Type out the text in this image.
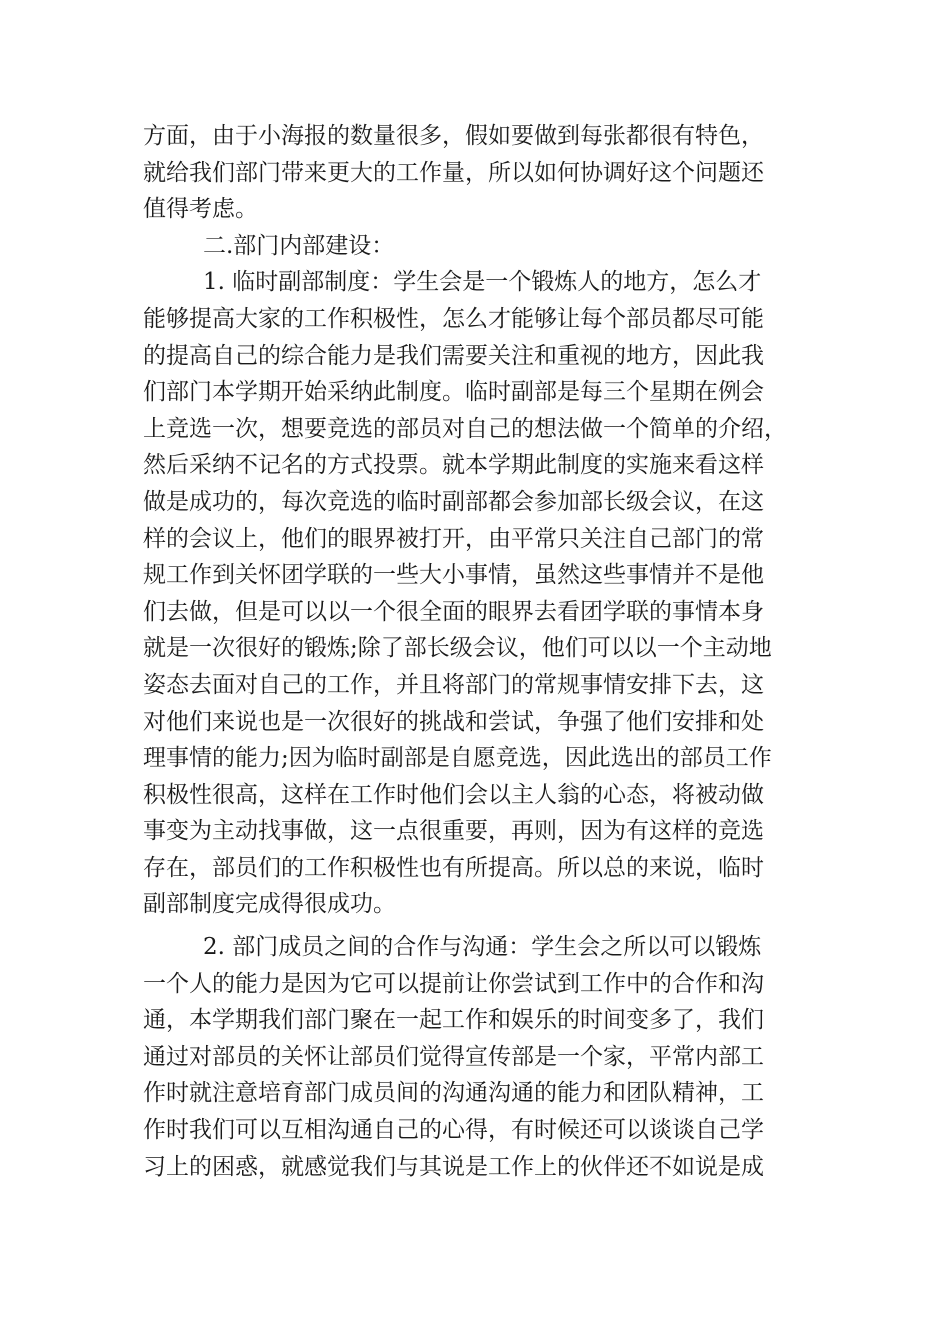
方面，由于小海报的数量很多，假如要做到每张都很有特色，
就给我们部门带来更大的工作量，所以如何协调好这个问题还
值得考虑。
二.部门内部建设：
1. 临时副部制度：学生会是一个锻炼人的地方，怎么才
能够提高大家的工作积极性，怎么才能够让每个部员都尽可能
的提高自己的综合能力是我们需要关注和重视的地方，因此我
们部门本学期开始采纳此制度。临时副部是每三个星期在例会
上竞选一次，想要竞选的部员对自己的想法做一个简单的介绍，
然后采纳不记名的方式投票。就本学期此制度的实施来看这样
做是成功的，每次竞选的临时副部都会参加部长级会议，在这
样的会议上，他们的眼界被打开，由平常只关注自己部门的常
规工作到关怀团学联的一些大小事情，虽然这些事情并不是他
们去做，但是可以以一个很全面的眼界去看团学联的事情本身
就是一次很好的锻炼;除了部长级会议，他们可以以一个主动地
姿态去面对自己的工作，并且将部门的常规事情安排下去，这
对他们来说也是一次很好的挑战和尝试，争强了他们安排和处
理事情的能力;因为临时副部是自愿竞选，因此选出的部员工作
积极性很高，这样在工作时他们会以主人翁的心态，将被动做
事变为主动找事做，这一点很重要，再则，因为有这样的竞选
存在，部员们的工作积极性也有所提高。所以总的来说，临时
副部制度完成得很成功。
2. 部门成员之间的合作与沟通：学生会之所以可以锻炼
一个人的能力是因为它可以提前让你尝试到工作中的合作和沟
通，本学期我们部门聚在一起工作和娱乐的时间变多了，我们
通过对部员的关怀让部员们觉得宣传部是一个家，平常内部工
作时就注意培育部门成员间的沟通沟通的能力和团队精神，工
作时我们可以互相沟通自己的心得，有时候还可以谈谈自己学
习上的困惑，就感觉我们与其说是工作上的伙伴还不如说是成
